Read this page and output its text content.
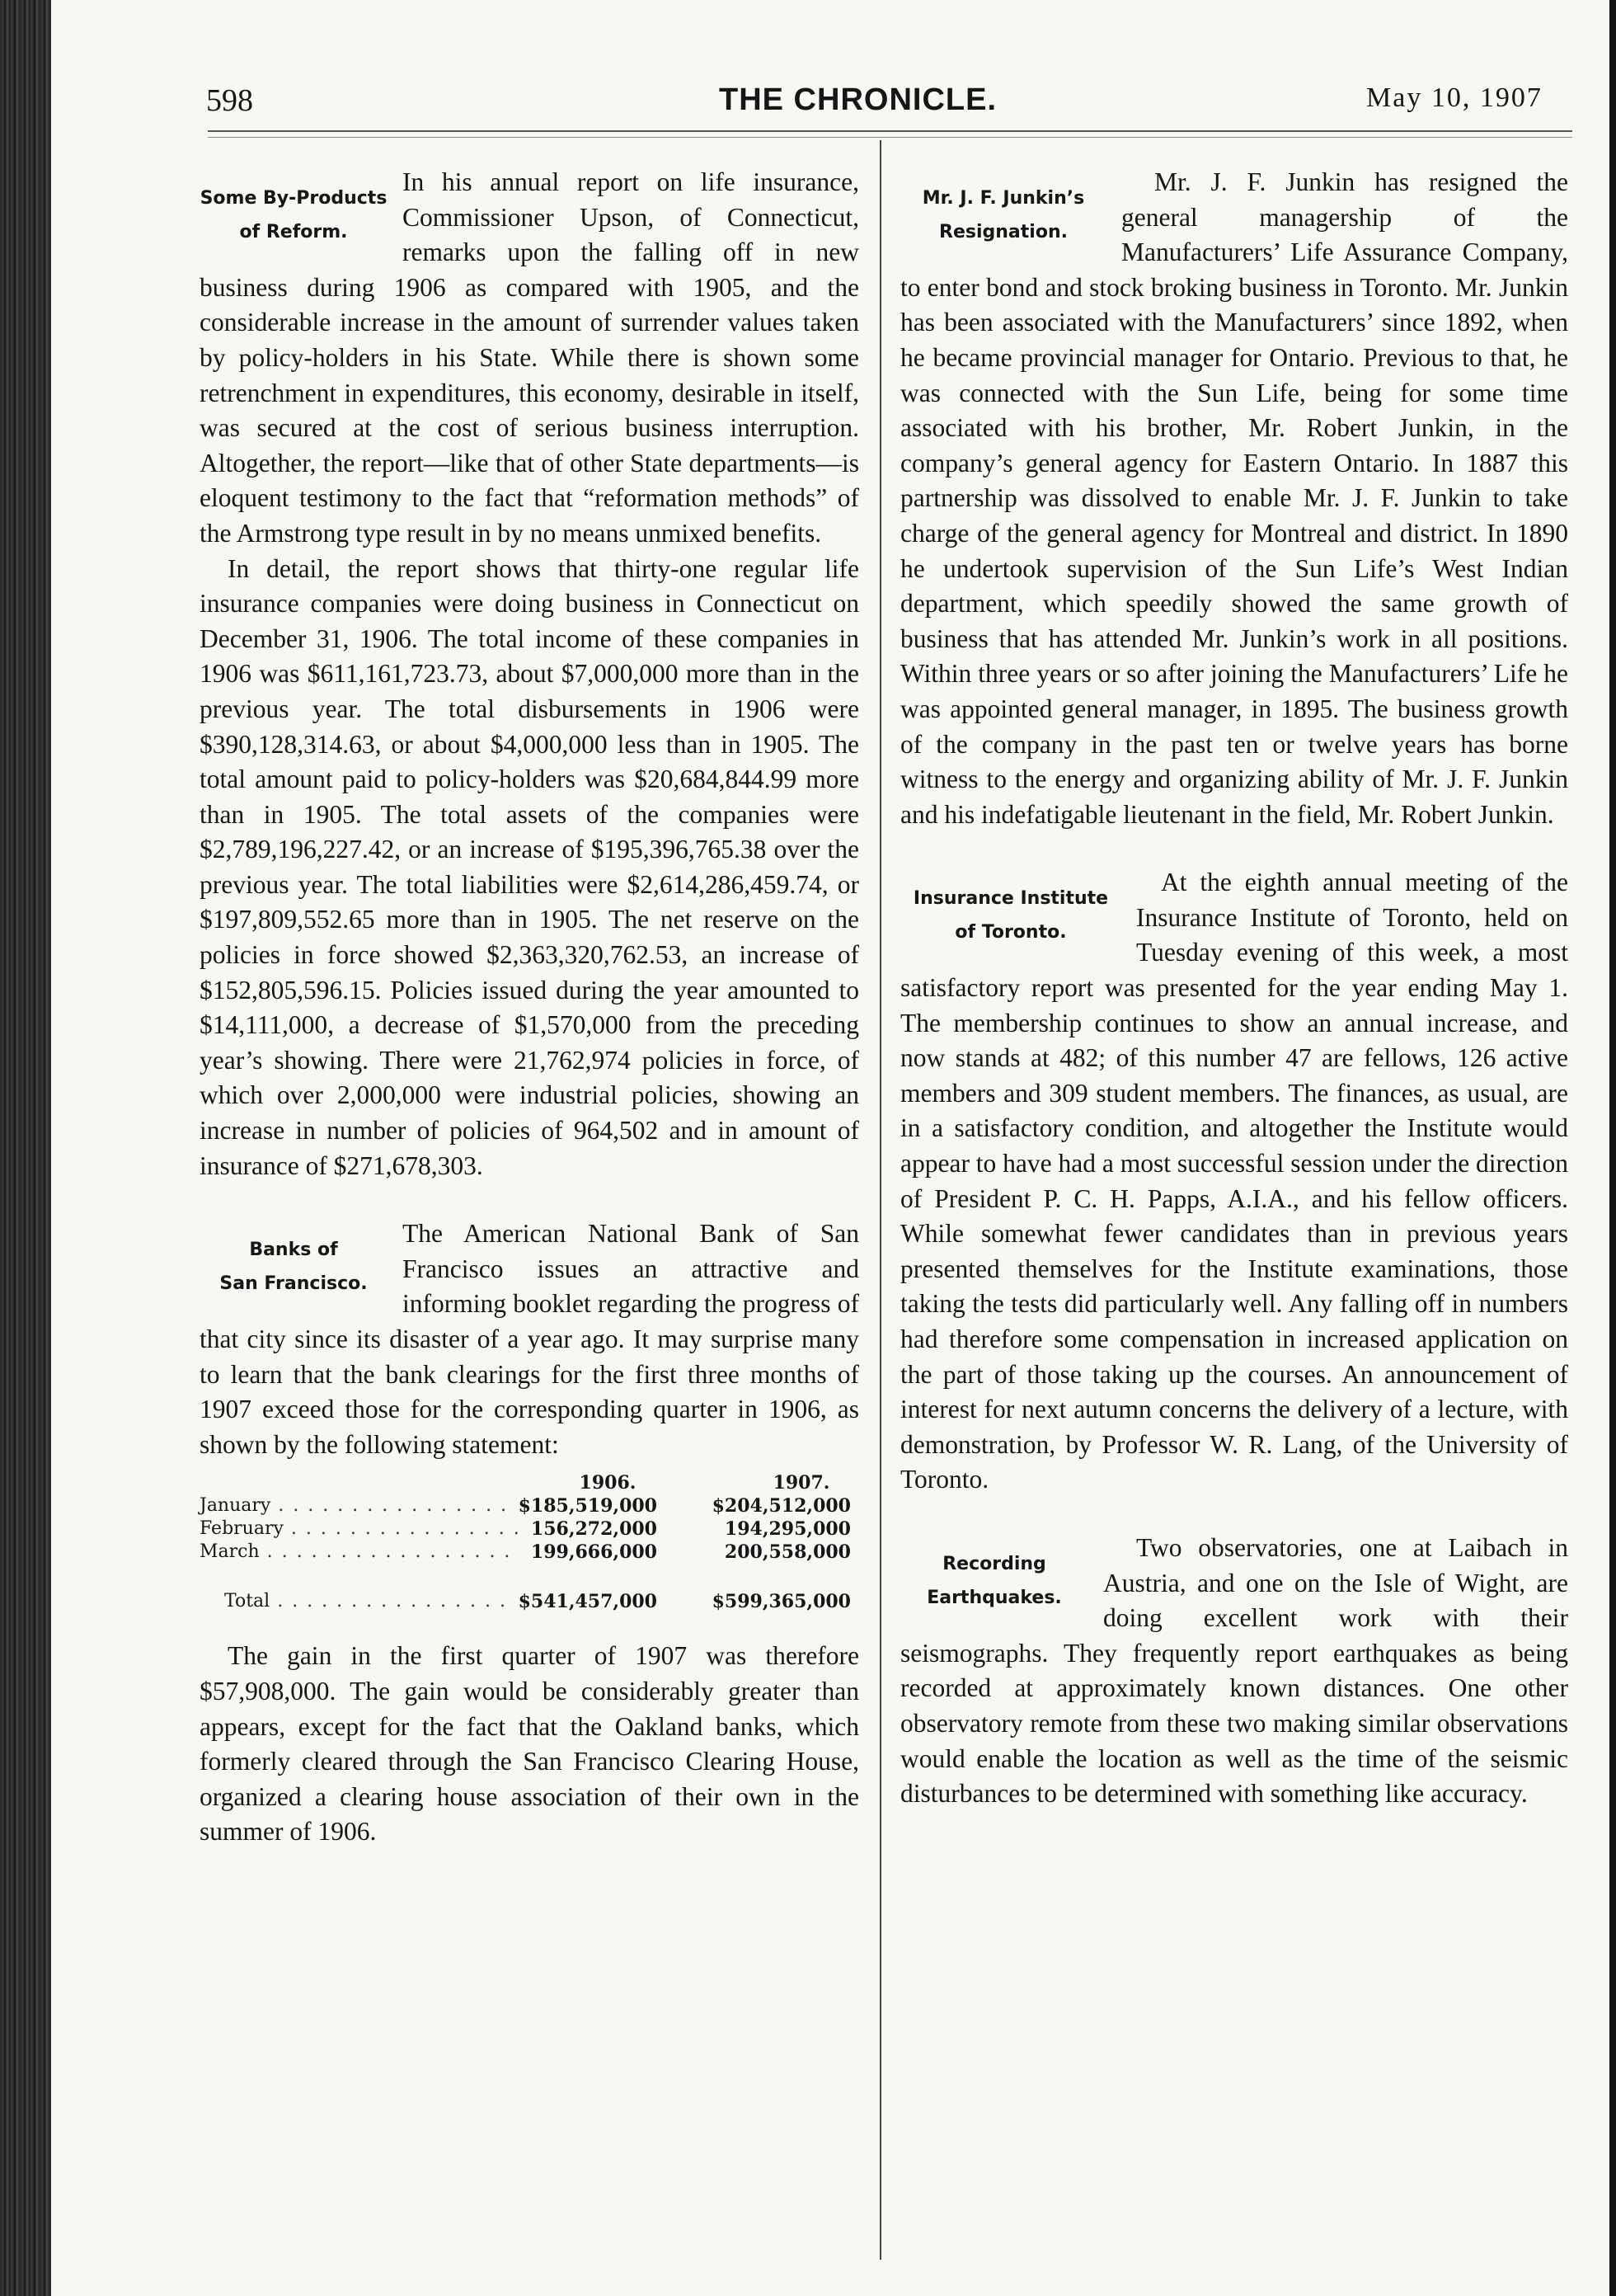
598	THE CHRONICLE.	May 10, 1907
Some By-Products
of Reform.

In his annual report on life insurance, Commissioner Upson, of Connecticut, remarks upon the falling off in new business during 1906 as compared with 1905, and the considerable increase in the amount of surrender values taken by policy-holders in his State. While there is shown some retrenchment in expenditures, this economy, desirable in itself, was secured at the cost of serious business interruption. Altogether, the report—like that of other State departments—is eloquent testimony to the fact that “reformation methods” of the Armstrong type result in by no means unmixed benefits.

In detail, the report shows that thirty-one regular life insurance companies were doing business in Connecticut on December 31, 1906. The total income of these companies in 1906 was $611,161,723.73, about $7,000,000 more than in the previous year. The total disbursements in 1906 were $390,128,314.63, or about $4,000,000 less than in 1905. The total amount paid to policy-holders was $20,684,844.99 more than in 1905. The total assets of the companies were $2,789,196,227.42, or an increase of $195,396,765.38 over the previous year. The total liabilities were $2,614,286,459.74, or $197,809,552.65 more than in 1905. The net reserve on the policies in force showed $2,363,320,762.53, an increase of $152,805,596.15. Policies issued during the year amounted to $14,111,000, a decrease of $1,570,000 from the preceding year’s showing. There were 21,762,974 policies in force, of which over 2,000,000 were industrial policies, showing an increase in number of policies of 964,502 and in amount of insurance of $271,678,303.

Banks of
San Francisco.

The American National Bank of San Francisco issues an attractive and informing booklet regarding the progress of that city since its disaster of a year ago. It may surprise many to learn that the bank clearings for the first three months of 1907 exceed those for the corresponding quarter in 1906, as shown by the following statement:

1906.	1907.
January . . . . . . . . . . . . . . . . $185,519,000	$204,512,000
February . . . . . . . . . . . . . . . . 156,272,000	194,295,000
March . . . . . . . . . . . . . . . . .	199,666,000	200,558,000
Total . . . . . . . . . . . . . . . . $541,457,000	$599,365,000

The gain in the first quarter of 1907 was therefore $57,908,000. The gain would be considerably greater than appears, except for the fact that the Oakland banks, which formerly cleared through the San Francisco Clearing House, organized a clearing house association of their own in the summer of 1906.

Mr. J. F. Junkin’s
Resignation.

Mr. J. F. Junkin has resigned the general managership of the Manufacturers’ Life Assurance Company, to enter bond and stock broking business in Toronto. Mr. Junkin has been associated with the Manufacturers’ since 1892, when he became provincial manager for Ontario. Previous to that, he was connected with the Sun Life, being for some time associated with his brother, Mr. Robert Junkin, in the company’s general agency for Eastern Ontario. In 1887 this partnership was dissolved to enable Mr. J. F. Junkin to take charge of the general agency for Montreal and district. In 1890 he undertook supervision of the Sun Life’s West Indian department, which speedily showed the same growth of business that has attended Mr. Junkin’s work in all positions. Within three years or so after joining the Manufacturers’ Life he was appointed general manager, in 1895. The business growth of the company in the past ten or twelve years has borne witness to the energy and organizing ability of Mr. J. F. Junkin and his indefatigable lieutenant in the field, Mr. Robert Junkin.

Insurance Institute
of Toronto.

At the eighth annual meeting of the Insurance Institute of Toronto, held on Tuesday evening of this week, a most satisfactory report was presented for the year ending May 1. The membership continues to show an annual increase, and now stands at 482; of this number 47 are fellows, 126 active members and 309 student members. The finances, as usual, are in a satisfactory condition, and altogether the Institute would appear to have had a most successful session under the direction of President P. C. H. Papps, A.I.A., and his fellow officers. While somewhat fewer candidates than in previous years presented themselves for the Institute examinations, those taking the tests did particularly well. Any falling off in numbers had therefore some compensation in increased application on the part of those taking up the courses. An announcement of interest for next autumn concerns the delivery of a lecture, with demonstration, by Professor W. R. Lang, of the University of Toronto.

Recording
Earthquakes.

Two observatories, one at Laibach in Austria, and one on the Isle of Wight, are doing excellent work with their seismographs. They frequently report earthquakes as being recorded at approximately known distances. One other observatory remote from these two making similar observations would enable the location as well as the time of the seismic disturbances to be determined with something like accuracy.
